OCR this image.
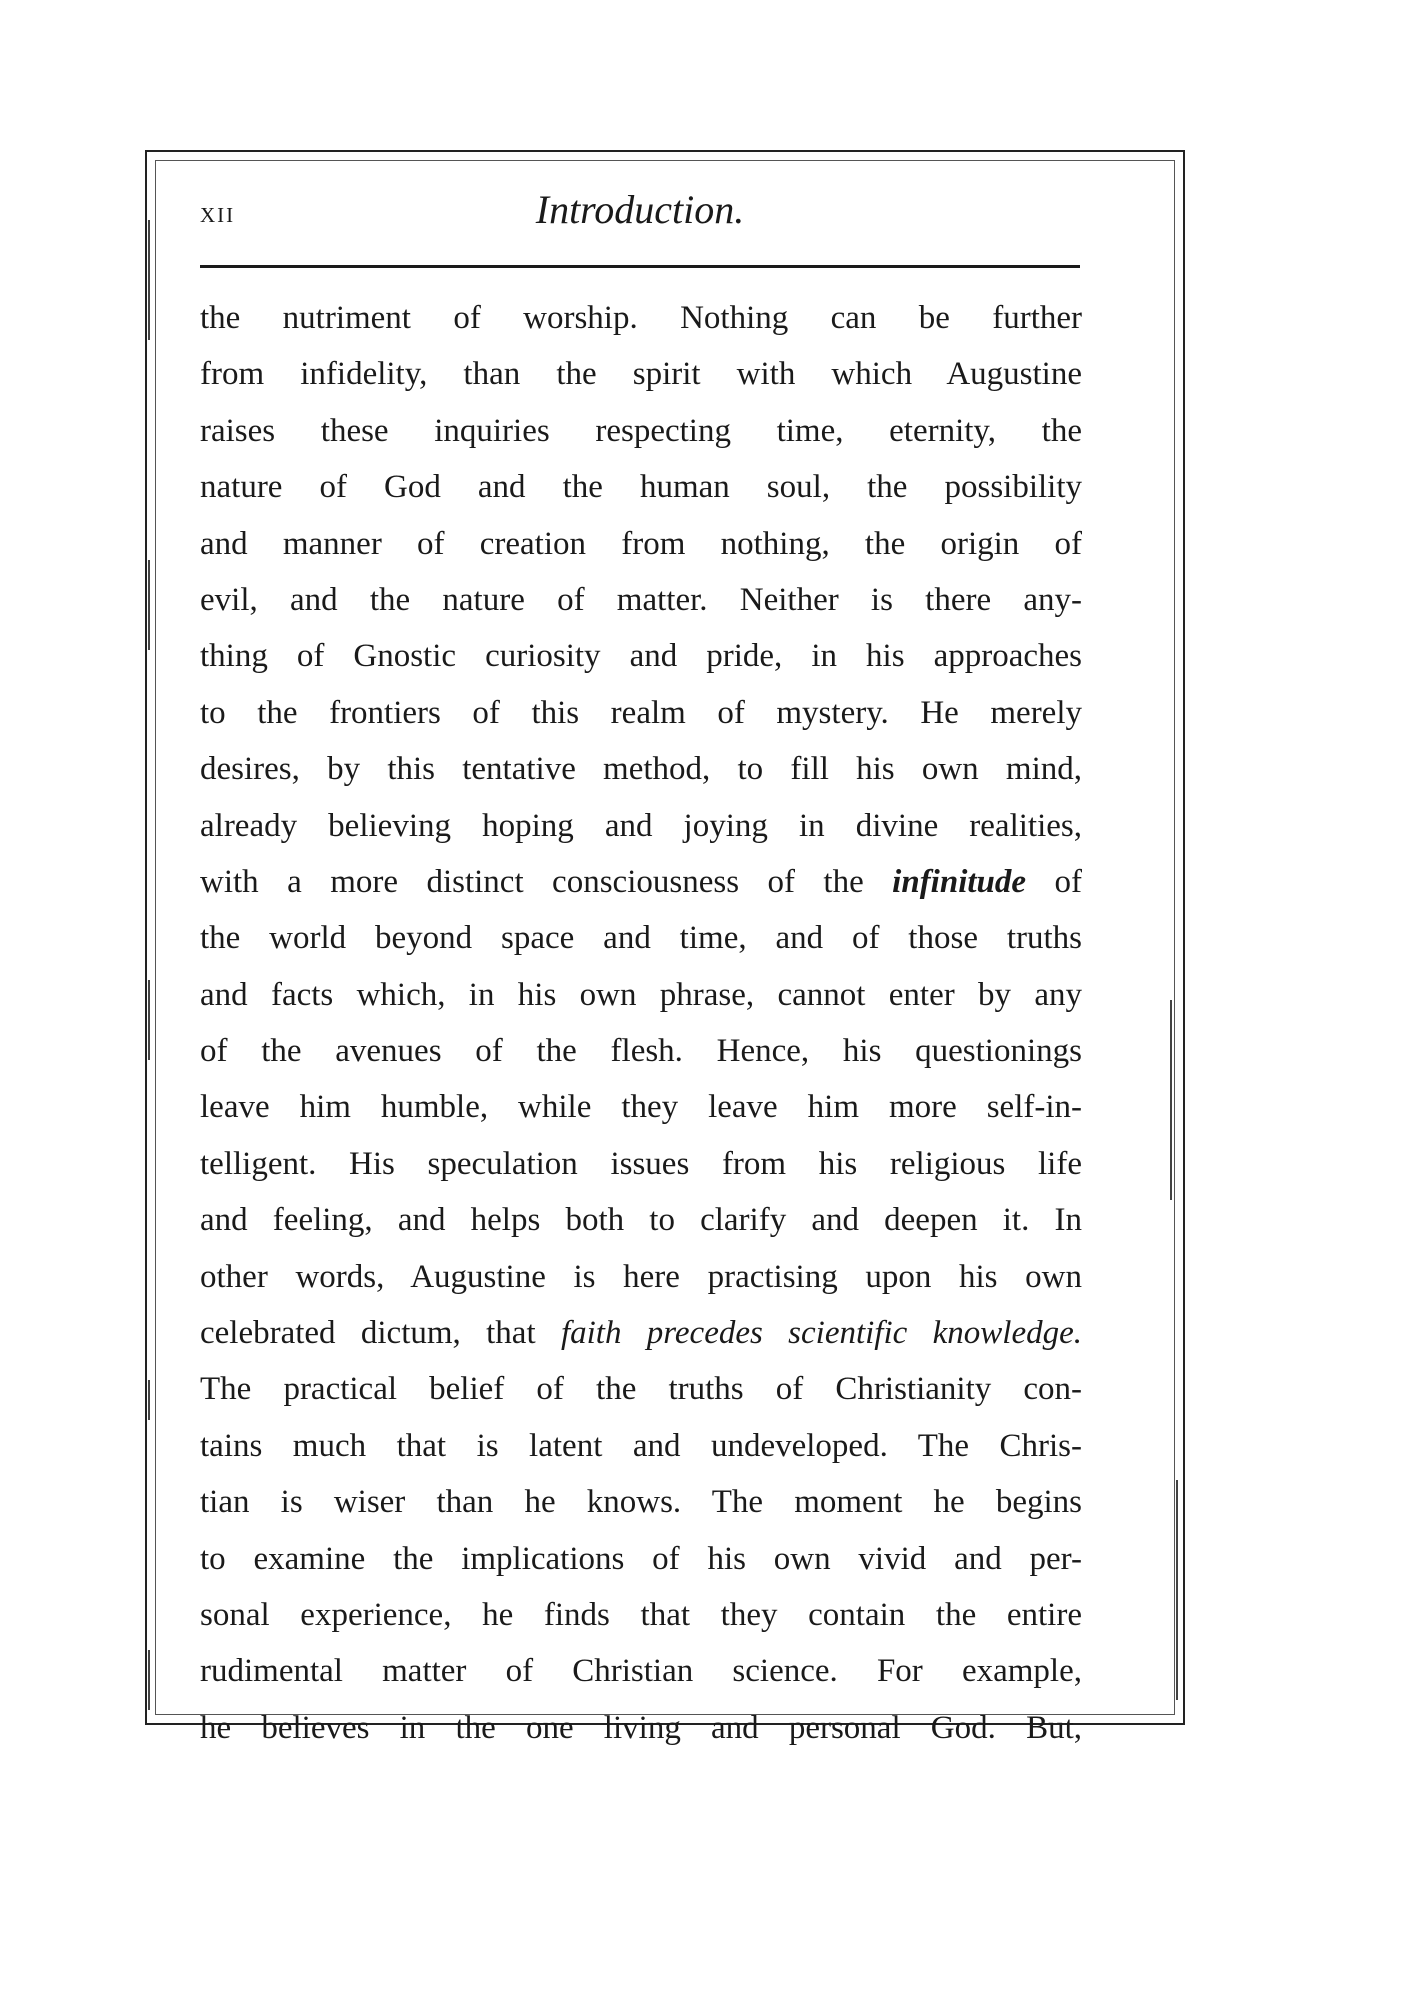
xii	Introduction.
the nutriment of worship. Nothing can be further
from infidelity, than the spirit with which Augustine
raises these inquiries respecting time, eternity, the
nature of God and the human soul, the possibility
and manner of creation from nothing, the origin of
evil, and the nature of matter. Neither is there any-
thing of Gnostic curiosity and pride, in his approaches
to the frontiers of this realm of mystery. He merely
desires, by this tentative method, to fill his own mind,
already believing hoping and joying in divine realities,
with a more distinct consciousness of the infinitude of
the world beyond space and time, and of those truths
and facts which, in his own phrase, cannot enter by any
of the avenues of the flesh. Hence, his questionings
leave him humble, while they leave him more self-in-
telligent. His speculation issues from his religious life
and feeling, and helps both to clarify and deepen it. In
other words, Augustine is here practising upon his own
celebrated dictum, that faith precedes scientific knowledge.
The practical belief of the truths of Christianity con-
tains much that is latent and undeveloped. The Chris-
tian is wiser than he knows. The moment he begins
to examine the implications of his own vivid and per-
sonal experience, he finds that they contain the entire
rudimental matter of Christian science. For example,
he believes in the one living and personal God. But,
